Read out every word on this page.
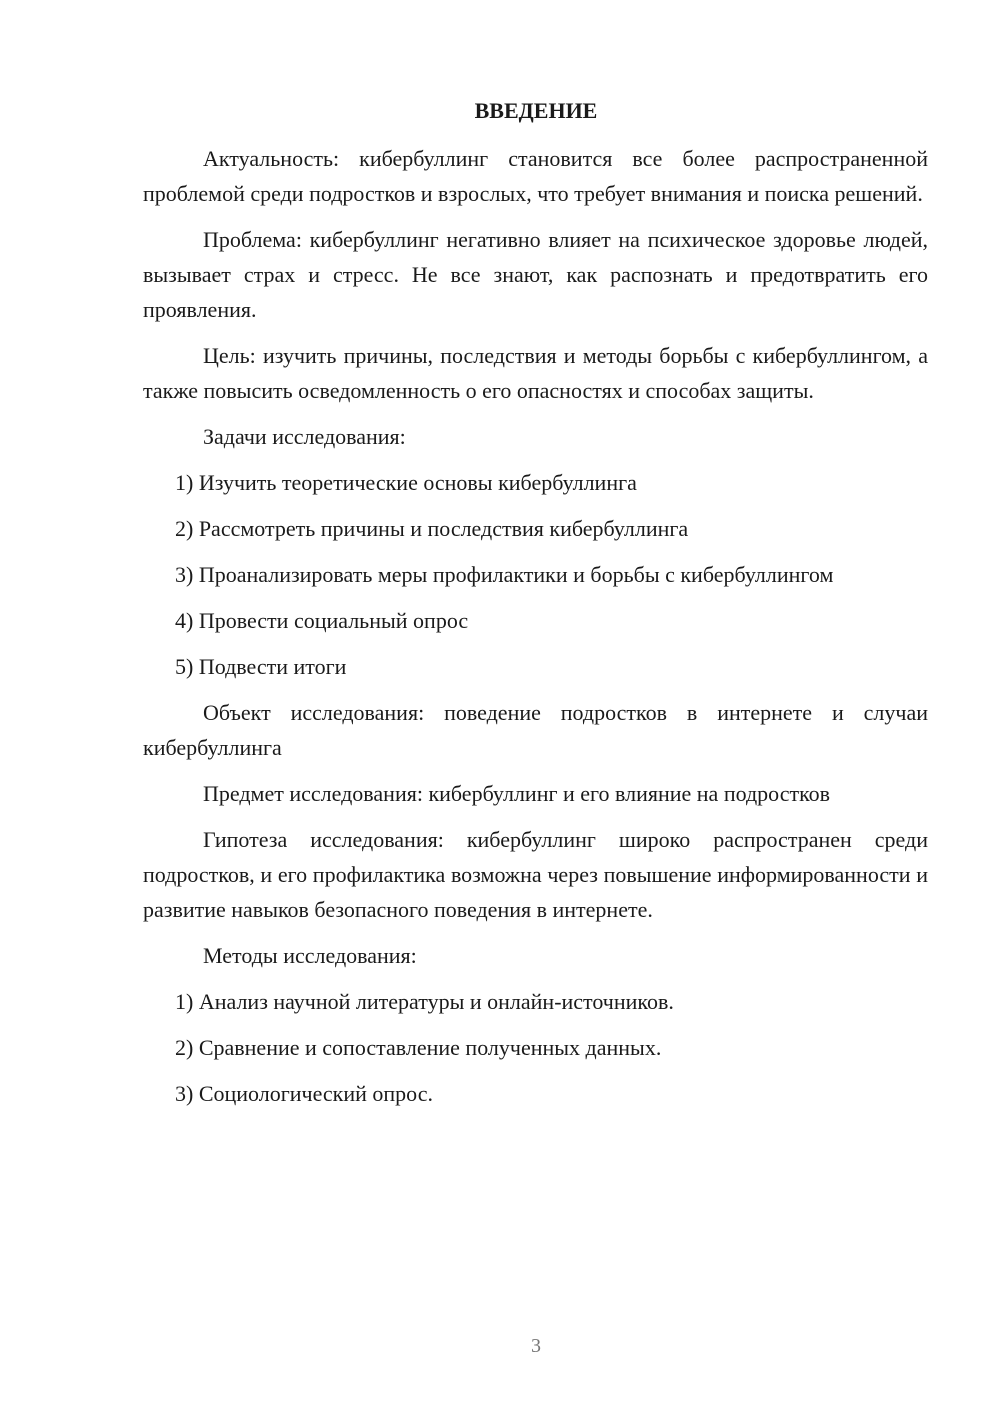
ВВЕДЕНИЕ

Актуальность: кибербуллинг становится все более распространенной проблемой среди подростков и взрослых, что требует внимания и поиска решений.

Проблема: кибербуллинг негативно влияет на психическое здоровье людей, вызывает страх и стресс. Не все знают, как распознать и предотвратить его проявления.

Цель: изучить причины, последствия и методы борьбы с кибербуллингом, а также повысить осведомленность о его опасностях и способах защиты.

Задачи исследования:

1) Изучить теоретические основы кибербуллинга
2) Рассмотреть причины и последствия кибербуллинга
3) Проанализировать меры профилактики и борьбы с кибербуллингом
4) Провести социальный опрос
5) Подвести итоги

Объект исследования: поведение подростков в интернете и случаи кибербуллинга

Предмет исследования: кибербуллинг и его влияние на подростков

Гипотеза исследования: кибербуллинг широко распространен среди подростков, и его профилактика возможна через повышение информированности и развитие навыков безопасного поведения в интернете.

Методы исследования:

1) Анализ научной литературы и онлайн-источников.
2) Сравнение и сопоставление полученных данных.
3) Социологический опрос.
3
